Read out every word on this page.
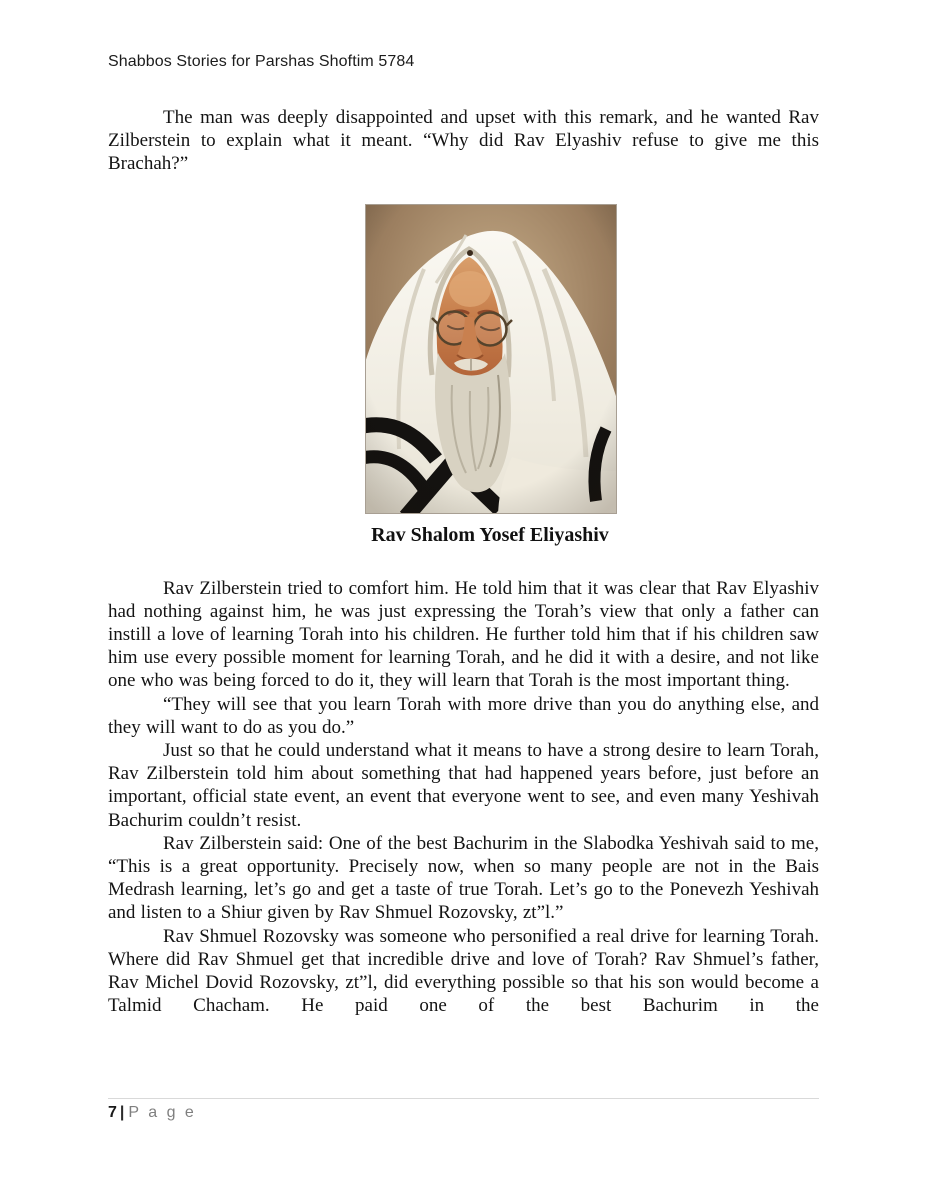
Shabbos Stories for Parshas Shoftim 5784

The man was deeply disappointed and upset with this remark, and he wanted Rav Zilberstein to explain what it meant. “Why did Rav Elyashiv refuse to give me this Brachah?”

Rav Shalom Yosef Eliyashiv

Rav Zilberstein tried to comfort him. He told him that it was clear that Rav Elyashiv had nothing against him, he was just expressing the Torah’s view that only a father can instill a love of learning Torah into his children. He further told him that if his children saw him use every possible moment for learning Torah, and he did it with a desire, and not like one who was being forced to do it, they will learn that Torah is the most important thing.

“They will see that you learn Torah with more drive than you do anything else, and they will want to do as you do.”

Just so that he could understand what it means to have a strong desire to learn Torah, Rav Zilberstein told him about something that had happened years before, just before an important, official state event, an event that everyone went to see, and even many Yeshivah Bachurim couldn’t resist.

Rav Zilberstein said: One of the best Bachurim in the Slabodka Yeshivah said to me, “This is a great opportunity. Precisely now, when so many people are not in the Bais Medrash learning, let’s go and get a taste of true Torah. Let’s go to the Ponevezh Yeshivah and listen to a Shiur given by Rav Shmuel Rozovsky, zt”l.”

Rav Shmuel Rozovsky was someone who personified a real drive for learning Torah. Where did Rav Shmuel get that incredible drive and love of Torah? Rav Shmuel’s father, Rav Michel Dovid Rozovsky, zt”l, did everything possible so that his son would become a Talmid Chacham. He paid one of the best Bachurim in the

7 | P a g e
